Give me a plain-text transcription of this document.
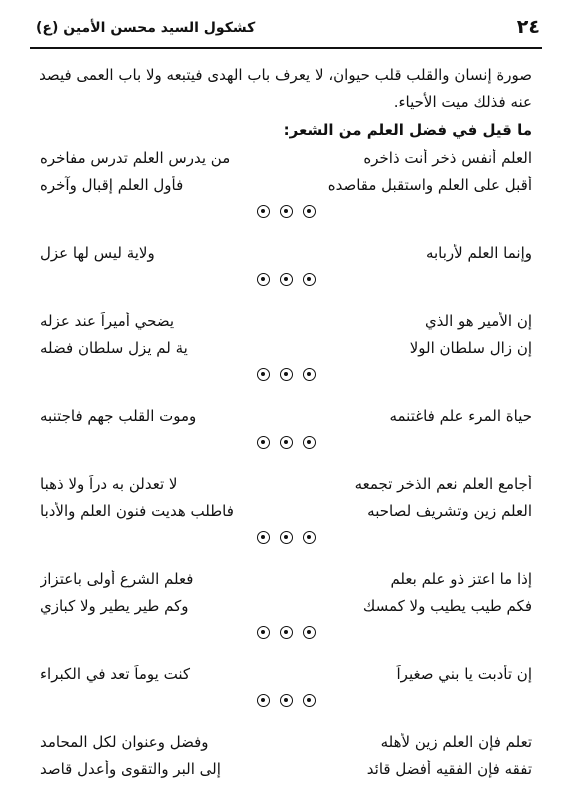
٢٤
كشكول السيد محسن الأمين (ع)
صورة إنسان والقلب قلب حيوان، لا يعرف باب الهدى فيتبعه ولا باب العمى فيصد
عنه فذلك ميت الأحياء.
ما قيل في فضل العلم من الشعر:
العلم أنفس ذخر أنت ذاخره
من يدرس العلم تدرس مفاخره
أقبل على العلم واستقبل مقاصده
فأول العلم إقبال وآخره
وإنما العلم لأربابه
ولاية ليس لها عزل
إن الأمير هو الذي
يضحي أميراً عند عزله
إن زال سلطان الولا
ية لم يزل سلطان فضله
حياة المرء علم فاغتنمه
وموت القلب جهم فاجتنبه
أجامع العلم نعم الذخر تجمعه
لا تعدلن به دراً ولا ذهبا
العلم زين وتشريف لصاحبه
فاطلب هديت فنون العلم والأدبا
إذا ما اعتز ذو علم بعلم
فعلم الشرع أولى باعتزاز
فكم طيب يطيب ولا كمسك
وكم طير يطير ولا كبازي
إن تأدبت يا بني صغيراً
كنت يوماً تعد في الكبراء
تعلم فإن العلم زين لأهله
وفضل وعنوان لكل المحامد
تفقه فإن الفقيه أفضل قائد
إلى البر والتقوى وأعدل قاصد
